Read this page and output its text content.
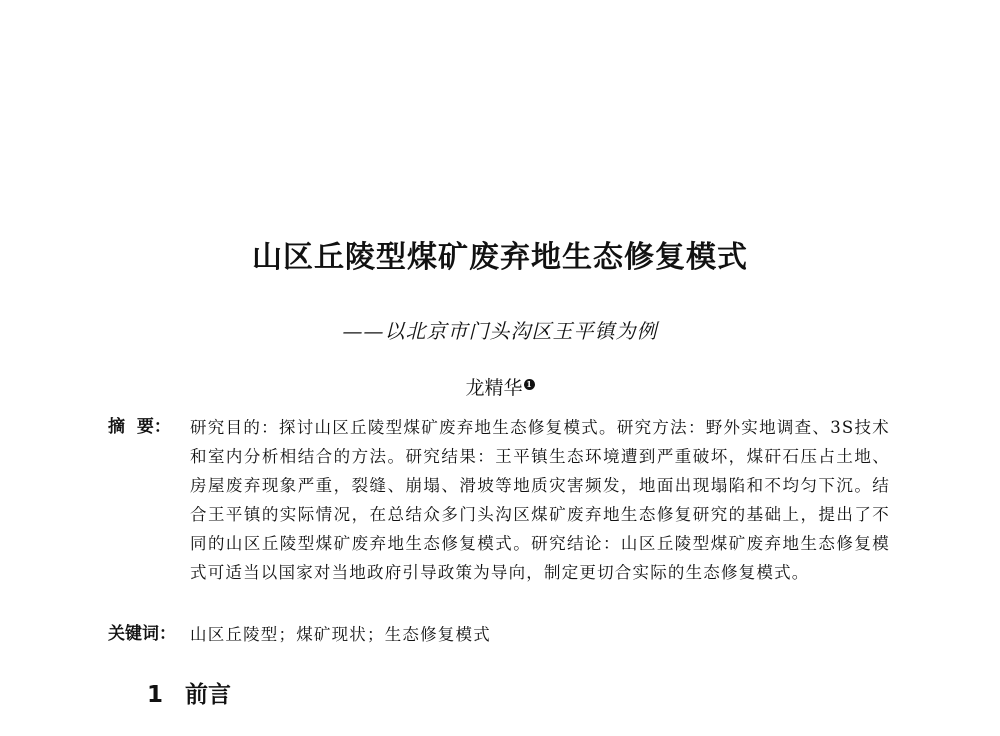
山区丘陵型煤矿废弃地生态修复模式
——以北京市门头沟区王平镇为例
龙精华 $^1$
摘  要：	研究目的：探讨山区丘陵型煤矿废弃地生态修复模式。研究方法：野外实地调查、3S技术和室内分析相结合的方法。研究结果：王平镇生态环境遭到严重破坏，煤矸石压占土地、房屋废弃现象严重，裂缝、崩塌、滑坡等地质灾害频发，地面出现塌陷和不均匀下沉。结合王平镇的实际情况，在总结众多门头沟区煤矿废弃地生态修复研究的基础上，提出了不同的山区丘陵型煤矿废弃地生态修复模式。研究结论：山区丘陵型煤矿废弃地生态修复模式可适当以国家对当地政府引导政策为导向，制定更切合实际的生态修复模式。
关键词： 山区丘陵型；煤矿现状；生态修复模式
1 前言
